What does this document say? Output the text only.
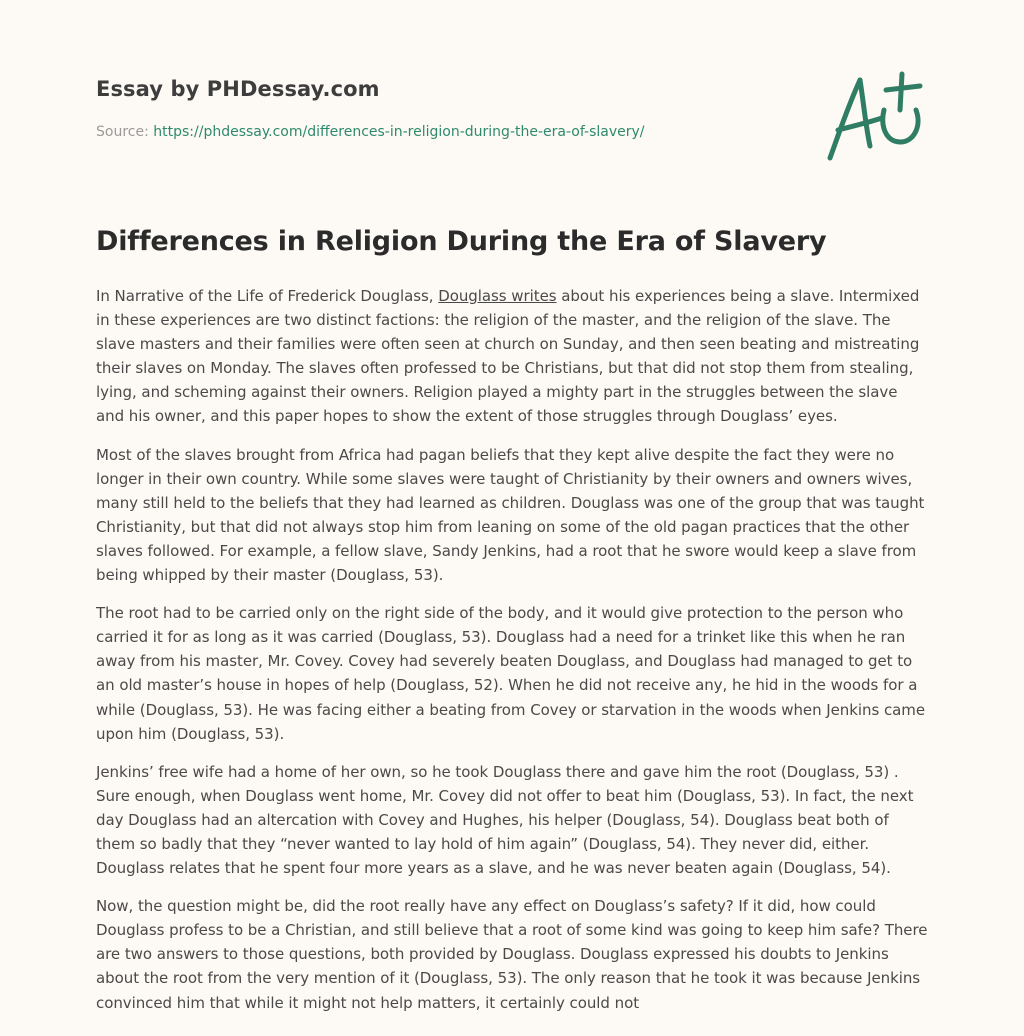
Essay by PHDessay.com

Source: https://phdessay.com/differences-in-religion-during-the-era-of-slavery/

Differences in Religion During the Era of Slavery

In Narrative of the Life of Frederick Douglass, Douglass writes about his experiences being a slave. Intermixed in these experiences are two distinct factions: the religion of the master, and the religion of the slave. The slave masters and their families were often seen at church on Sunday, and then seen beating and mistreating their slaves on Monday. The slaves often professed to be Christians, but that did not stop them from stealing, lying, and scheming against their owners. Religion played a mighty part in the struggles between the slave and his owner, and this paper hopes to show the extent of those struggles through Douglass’ eyes.

Most of the slaves brought from Africa had pagan beliefs that they kept alive despite the fact they were no longer in their own country. While some slaves were taught of Christianity by their owners and owners wives, many still held to the beliefs that they had learned as children. Douglass was one of the group that was taught Christianity, but that did not always stop him from leaning on some of the old pagan practices that the other slaves followed. For example, a fellow slave, Sandy Jenkins, had a root that he swore would keep a slave from being whipped by their master (Douglass, 53).

The root had to be carried only on the right side of the body, and it would give protection to the person who carried it for as long as it was carried (Douglass, 53). Douglass had a need for a trinket like this when he ran away from his master, Mr. Covey. Covey had severely beaten Douglass, and Douglass had managed to get to an old master’s house in hopes of help (Douglass, 52). When he did not receive any, he hid in the woods for a while (Douglass, 53). He was facing either a beating from Covey or starvation in the woods when Jenkins came upon him (Douglass, 53).

Jenkins’ free wife had a home of her own, so he took Douglass there and gave him the root (Douglass, 53) . Sure enough, when Douglass went home, Mr. Covey did not offer to beat him (Douglass, 53). In fact, the next day Douglass had an altercation with Covey and Hughes, his helper (Douglass, 54). Douglass beat both of them so badly that they “never wanted to lay hold of him again” (Douglass, 54). They never did, either. Douglass relates that he spent four more years as a slave, and he was never beaten again (Douglass, 54).

Now, the question might be, did the root really have any effect on Douglass’s safety? If it did, how could Douglass profess to be a Christian, and still believe that a root of some kind was going to keep him safe? There are two answers to those questions, both provided by Douglass. Douglass expressed his doubts to Jenkins about the root from the very mention of it (Douglass, 53). The only reason that he took it was because Jenkins convinced him that while it might not help matters, it certainly could not
